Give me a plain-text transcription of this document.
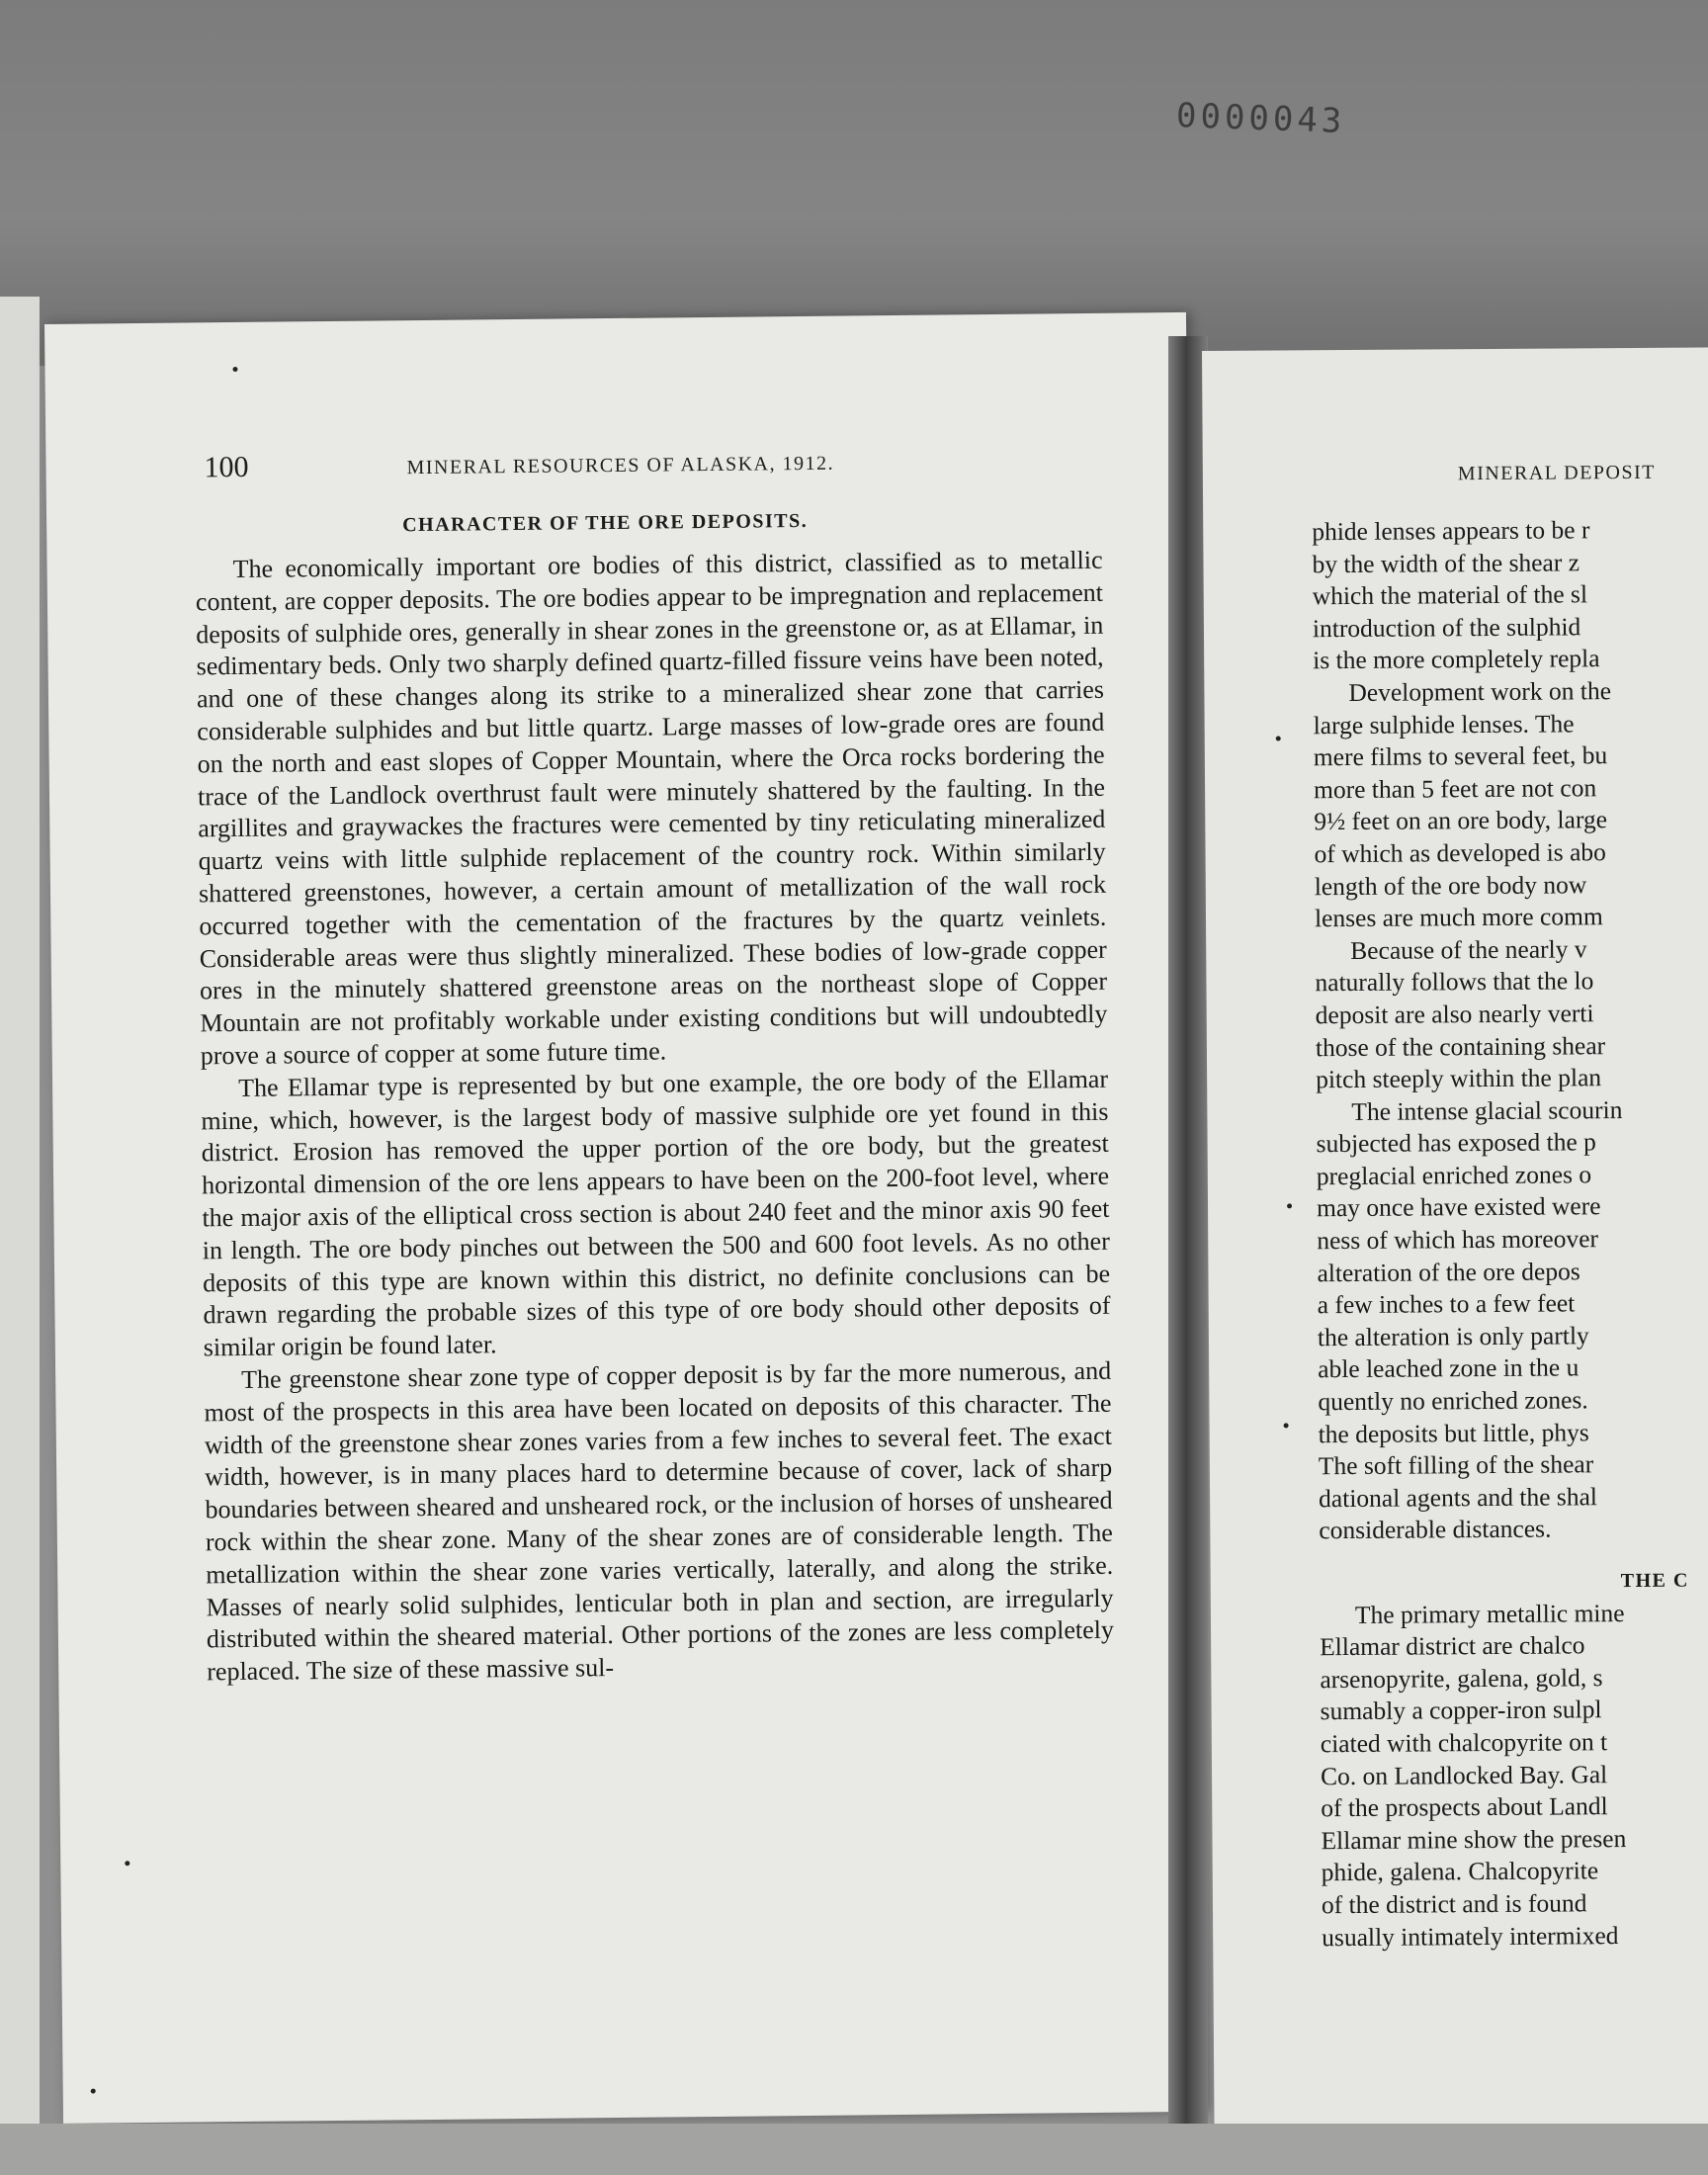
0000043
100	MINERAL RESOURCES OF ALASKA, 1912.
CHARACTER OF THE ORE DEPOSITS.

The economically important ore bodies of this district, classified as to metallic content, are copper deposits. The ore bodies appear to be impregnation and replacement deposits of sulphide ores, generally in shear zones in the greenstone or, as at Ellamar, in sedimentary beds. Only two sharply defined quartz-filled fissure veins have been noted, and one of these changes along its strike to a mineralized shear zone that carries considerable sulphides and but little quartz. Large masses of low-grade ores are found on the north and east slopes of Copper Mountain, where the Orca rocks bordering the trace of the Landlock overthrust fault were minutely shattered by the faulting. In the argillites and graywackes the fractures were cemented by tiny reticulating mineralized quartz veins with little sulphide replacement of the country rock. Within similarly shattered greenstones, however, a certain amount of metallization of the wall rock occurred together with the cementation of the fractures by the quartz veinlets. Considerable areas were thus slightly mineralized. These bodies of low-grade copper ores in the minutely shattered greenstone areas on the northeast slope of Copper Mountain are not profitably workable under existing conditions but will undoubtedly prove a source of copper at some future time.

The Ellamar type is represented by but one example, the ore body of the Ellamar mine, which, however, is the largest body of massive sulphide ore yet found in this district. Erosion has removed the upper portion of the ore body, but the greatest horizontal dimension of the ore lens appears to have been on the 200-foot level, where the major axis of the elliptical cross section is about 240 feet and the minor axis 90 feet in length. The ore body pinches out between the 500 and 600 foot levels. As no other deposits of this type are known within this district, no definite conclusions can be drawn regarding the probable sizes of this type of ore body should other deposits of similar origin be found later.

The greenstone shear zone type of copper deposit is by far the more numerous, and most of the prospects in this area have been located on deposits of this character. The width of the greenstone shear zones varies from a few inches to several feet. The exact width, however, is in many places hard to determine because of cover, lack of sharp boundaries between sheared and unsheared rock, or the inclusion of horses of unsheared rock within the shear zone. Many of the shear zones are of considerable length. The metallization within the shear zone varies vertically, laterally, and along the strike. Masses of nearly solid sulphides, lenticular both in plan and section, are irregularly distributed within the sheared material. Other portions of the zones are less completely replaced. The size of these massive sul-

MINERAL DEPOSIT
phide lenses appears to be r
by the width of the shear z
which the material of the sl
introduction of the sulphid
is the more completely repla
Development work on the
large sulphide lenses. The
mere films to several feet, bu
more than 5 feet are not con
9½ feet on an ore body, large
of which as developed is abo
length of the ore body now
lenses are much more comm
Because of the nearly v
naturally follows that the lo
deposit are also nearly verti
those of the containing shear
pitch steeply within the plan
The intense glacial scourin
subjected has exposed the p
preglacial enriched zones o
may once have existed were
ness of which has moreover
alteration of the ore depos
a few inches to a few feet
the alteration is only partly
able leached zone in the u
quently no enriched zones.
the deposits but little, phys
The soft filling of the shear
dational agents and the shal
considerable distances.
THE C
The primary metallic mine
Ellamar district are chalco
arsenopyrite, galena, gold, s
sumably a copper-iron sulpl
ciated with chalcopyrite on t
Co. on Landlocked Bay. Gal
of the prospects about Landl
Ellamar mine show the presen
phide, galena. Chalcopyrite
of the district and is found
usually intimately intermixed
